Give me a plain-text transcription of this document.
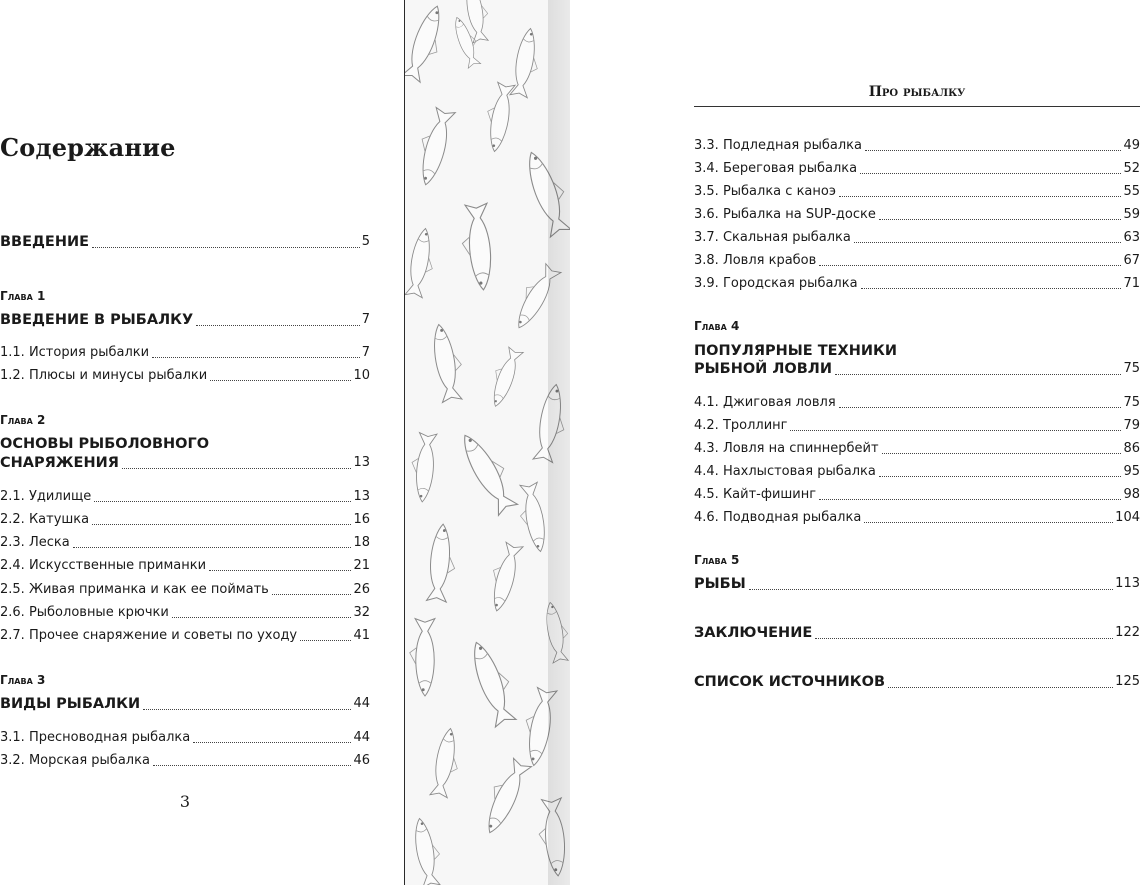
Содержание
ВВЕДЕНИЕ	5
Глава 1
ВВЕДЕНИЕ В РЫБАЛКУ	7
1.1. История рыбалки	7
1.2. Плюсы и минусы рыбалки	10
Глава 2
ОСНОВЫ РЫБОЛОВНОГО
СНАРЯЖЕНИЯ	13
2.1. Удилище	13
2.2. Катушка	16
2.3. Леска	18
2.4. Искусственные приманки	21
2.5. Живая приманка и как ее поймать	26
2.6. Рыболовные крючки	32
2.7. Прочее снаряжение и советы по уходу	41
Глава 3
ВИДЫ РЫБАЛКИ	44
3.1. Пресноводная рыбалка	44
3.2. Морская рыбалка	46
3
Про рыбалку
3.3. Подледная рыбалка	49
3.4. Береговая рыбалка	52
3.5. Рыбалка с каноэ	55
3.6. Рыбалка на SUP-доске	59
3.7. Скальная рыбалка	63
3.8. Ловля крабов	67
3.9. Городская рыбалка	71
Глава 4
ПОПУЛЯРНЫЕ ТЕХНИКИ
РЫБНОЙ ЛОВЛИ	75
4.1. Джиговая ловля	75
4.2. Троллинг	79
4.3. Ловля на спиннербейт	86
4.4. Нахлыстовая рыбалка	95
4.5. Кайт-фишинг	98
4.6. Подводная рыбалка	104
Глава 5
РЫБЫ	113
ЗАКЛЮЧЕНИЕ	122
СПИСОК ИСТОЧНИКОВ	125
